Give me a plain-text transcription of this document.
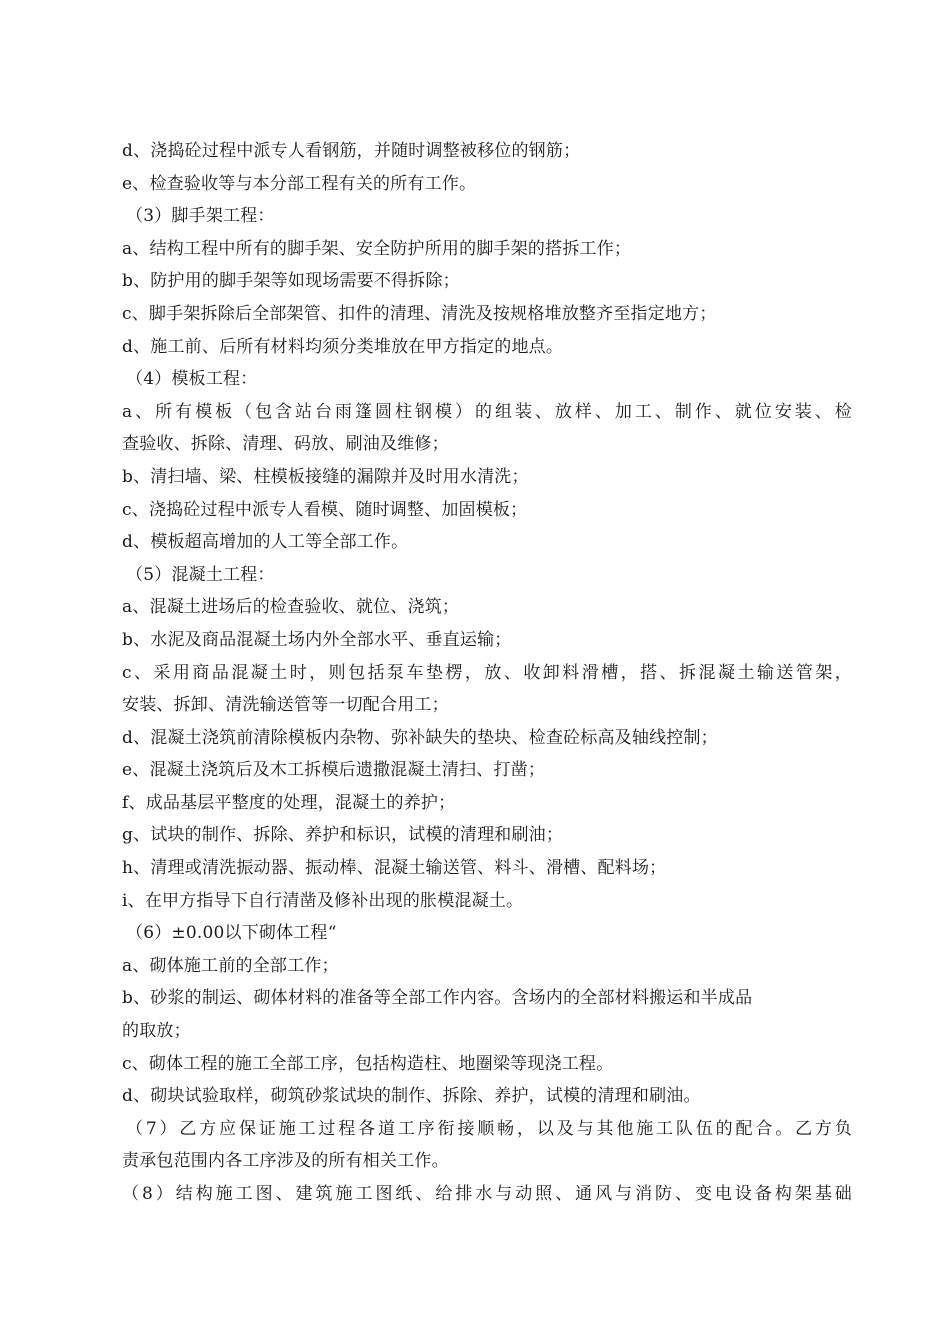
d、浇捣砼过程中派专人看钢筋，并随时调整被移位的钢筋；
e、检查验收等与本分部工程有关的所有工作。
（3）脚手架工程：
a、结构工程中所有的脚手架、安全防护所用的脚手架的搭拆工作；
b、防护用的脚手架等如现场需要不得拆除；
c、脚手架拆除后全部架管、扣件的清理、清洗及按规格堆放整齐至指定地方；
d、施工前、后所有材料均须分类堆放在甲方指定的地点。
（4）模板工程：
a、所有模板（包含站台雨篷圆柱钢模）的组装、放样、加工、制作、就位安装、检
查验收、拆除、清理、码放、刷油及维修；
b、清扫墙、梁、柱模板接缝的漏隙并及时用水清洗；
c、浇捣砼过程中派专人看模、随时调整、加固模板；
d、模板超高增加的人工等全部工作。
（5）混凝土工程：
a、混凝土进场后的检查验收、就位、浇筑；
b、水泥及商品混凝土场内外全部水平、垂直运输；
c、采用商品混凝土时，则包括泵车垫楞，放、收卸料滑槽，搭、拆混凝土输送管架，
安装、拆卸、清洗输送管等一切配合用工；
d、混凝土浇筑前清除模板内杂物、弥补缺失的垫块、检查砼标高及轴线控制；
e、混凝土浇筑后及木工拆模后遗撒混凝土清扫、打凿；
f、成品基层平整度的处理，混凝土的养护；
g、试块的制作、拆除、养护和标识，试模的清理和刷油；
h、清理或清洗振动器、振动棒、混凝土输送管、料斗、滑槽、配料场；
i、在甲方指导下自行清凿及修补出现的胀模混凝土。
（6）±0.00以下砌体工程“
a、砌体施工前的全部工作；
b、砂浆的制运、砌体材料的准备等全部工作内容。含场内的全部材料搬运和半成品
的取放；
c、砌体工程的施工全部工序，包括构造柱、地圈梁等现浇工程。
d、砌块试验取样，砌筑砂浆试块的制作、拆除、养护，试模的清理和刷油。
（7）乙方应保证施工过程各道工序衔接顺畅，以及与其他施工队伍的配合。乙方负
责承包范围内各工序涉及的所有相关工作。
（8）结构施工图、建筑施工图纸、给排水与动照、通风与消防、变电设备构架基础
